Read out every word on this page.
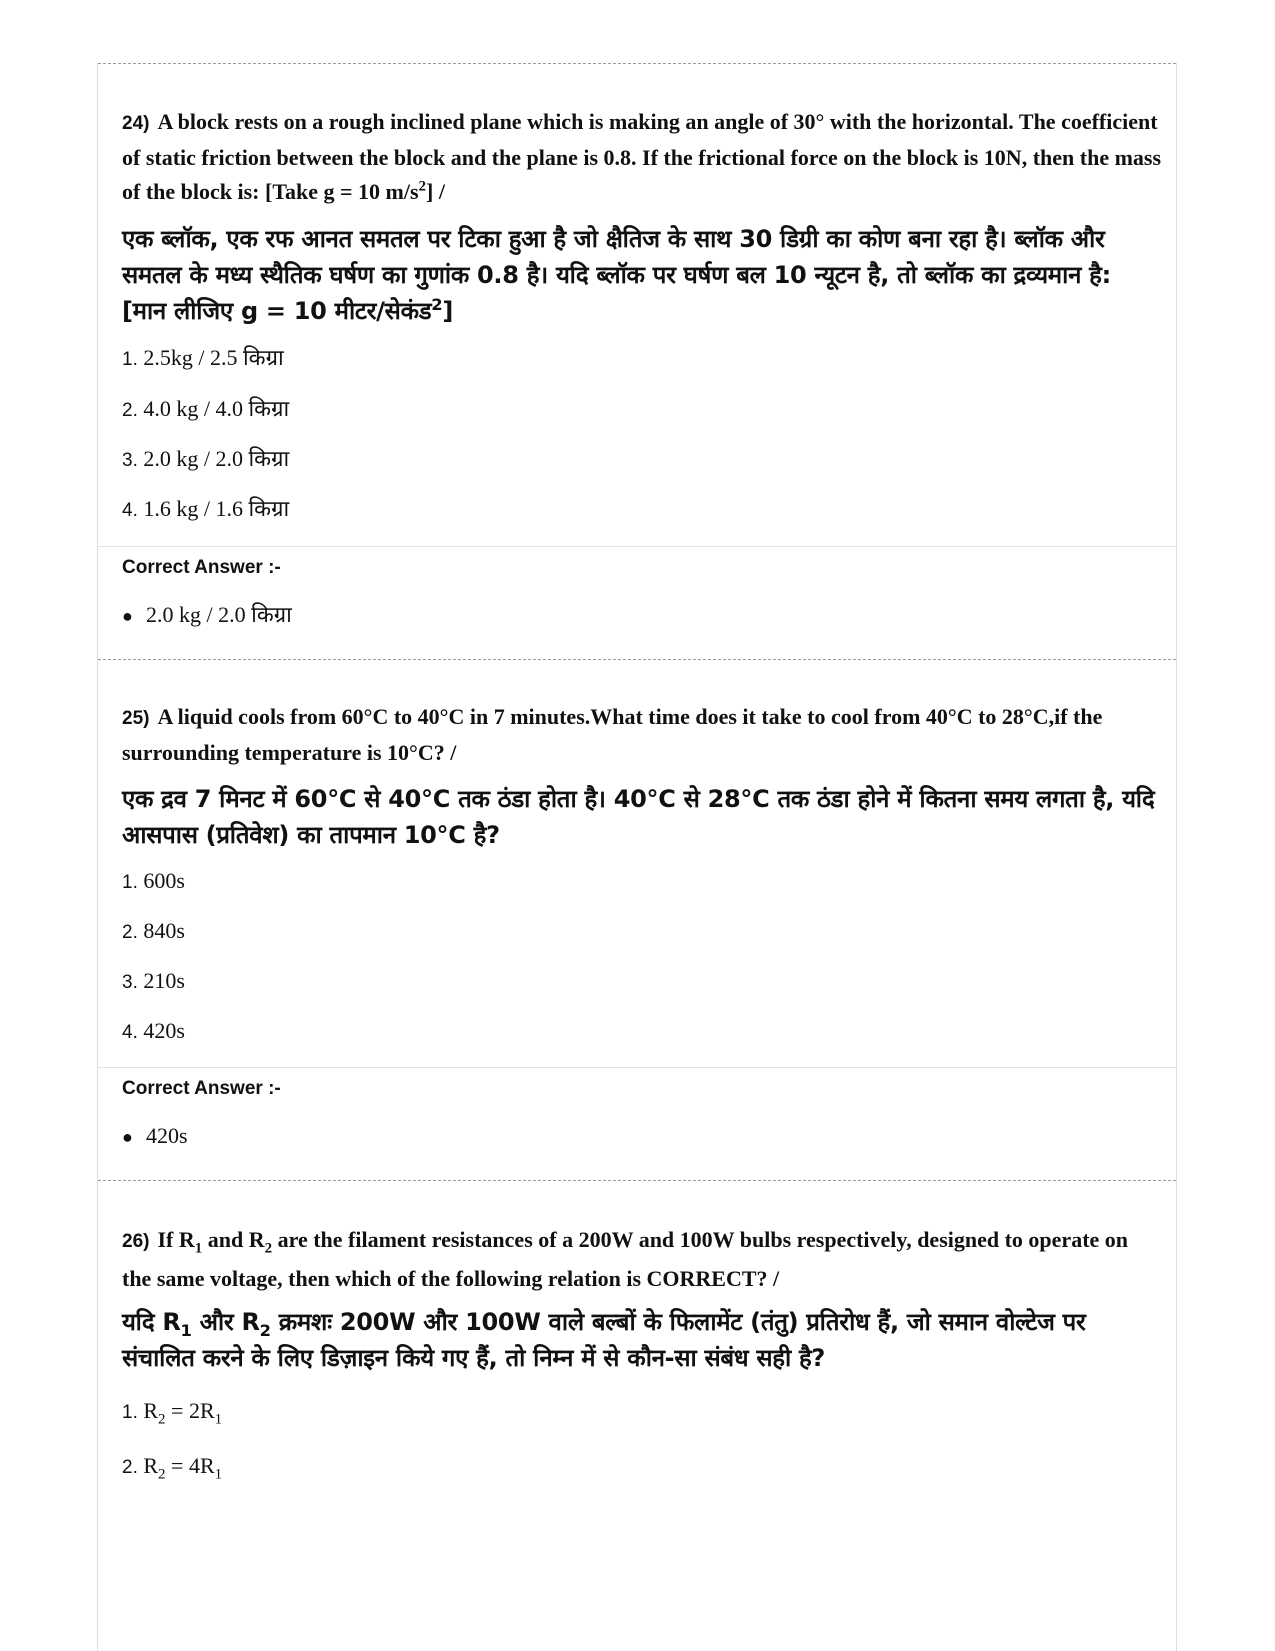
24) A block rests on a rough inclined plane which is making an angle of 30° with the horizontal. The coefficient of static friction between the block and the plane is 0.8. If the frictional force on the block is 10N, then the mass of the block is: [Take g = 10 $m/s^2$] /

एक ब्लॉक, एक रफ आनत समतल पर टिका हुआ है जो क्षैतिज के साथ 30 डिग्री का कोण बना रहा है। ब्लॉक और समतल के मध्य स्थैतिक घर्षण का गुणांक 0.8 है। यदि ब्लॉक पर घर्षण बल 10 न्यूटन है, तो ब्लॉक का द्रव्यमान है: [मान लीजिए g = 10 मीटर/सेकंड$^2$]

1. 2.5kg / 2.5 किग्रा

2. 4.0 kg / 4.0 किग्रा

3. 2.0 kg / 2.0 किग्रा

4. 1.6 kg / 1.6 किग्रा

Correct Answer :-

● 2.0 kg / 2.0 किग्रा

25) A liquid cools from 60°C to 40°C in 7 minutes.What time does it take to cool from 40°C to 28°C,if the surrounding temperature is 10°C? /

एक द्रव 7 मिनट में 60°C से 40°C तक ठंडा होता है। 40°C से 28°C तक ठंडा होने में कितना समय लगता है, यदि आसपास (प्रतिवेश) का तापमान 10°C है?

1. 600s

2. 840s

3. 210s

4. 420s

Correct Answer :-

● 420s

26) If $R_1$ and $R_2$ are the filament resistances of a 200W and 100W bulbs respectively, designed to operate on the same voltage, then which of the following relation is CORRECT? /

यदि $R_1$ और $R_2$ क्रमशः 200W और 100W वाले बल्बों के फिलामेंट (तंतु) प्रतिरोध हैं, जो समान वोल्टेज पर संचालित करने के लिए डिज़ाइन किये गए हैं, तो निम्न में से कौन-सा संबंध सही है?

1. $R_2 = 2R_1$

2. $R_2 = 4R_1$
